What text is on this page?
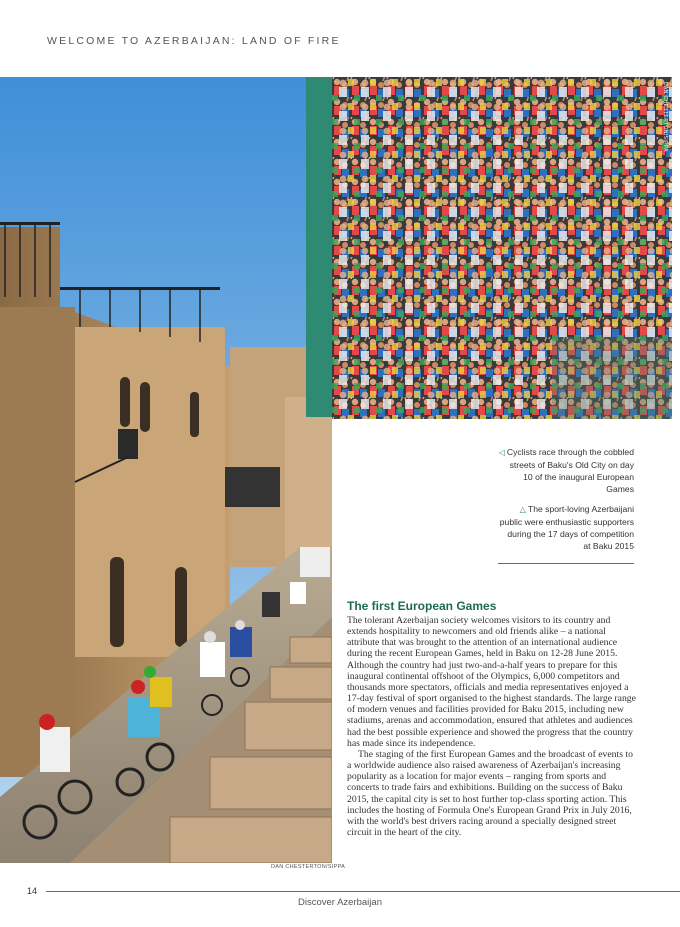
WELCOME TO AZERBAIJAN: LAND OF FIRE
DAN CHESTERTON/SIPPA
DAN CHESTERTON/SIPPA
◁ Cyclists race through the cobbled streets of Baku's Old City on day 10 of the inaugural European Games
△ The sport-loving Azerbaijani public were enthusiastic supporters during the 17 days of competition at Baku 2015
The first European Games

The tolerant Azerbaijan society welcomes visitors to its country and extends hospitality to newcomers and old friends alike – a national attribute that was brought to the attention of an international audience during the recent European Games, held in Baku on 12-28 June 2015. Although the country had just two-and-a-half years to prepare for this inaugural continental offshoot of the Olympics, 6,000 competitors and thousands more spectators, officials and media representatives enjoyed a 17-day festival of sport organised to the highest standards. The large range of modern venues and facilities provided for Baku 2015, including new stadiums, arenas and accommodation, ensured that athletes and audiences had the best possible experience and showed the progress that the country has made since its independence.

The staging of the first European Games and the broadcast of events to a worldwide audience also raised awareness of Azerbaijan's increasing popularity as a location for major events – ranging from sports and concerts to trade fairs and exhibitions. Building on the success of Baku 2015, the capital city is set to host further top-class sporting action. This includes the hosting of Formula One's European Grand Prix in July 2016, with the world's best drivers racing around a specially designed street circuit in the heart of the city.

14
Discover Azerbaijan
